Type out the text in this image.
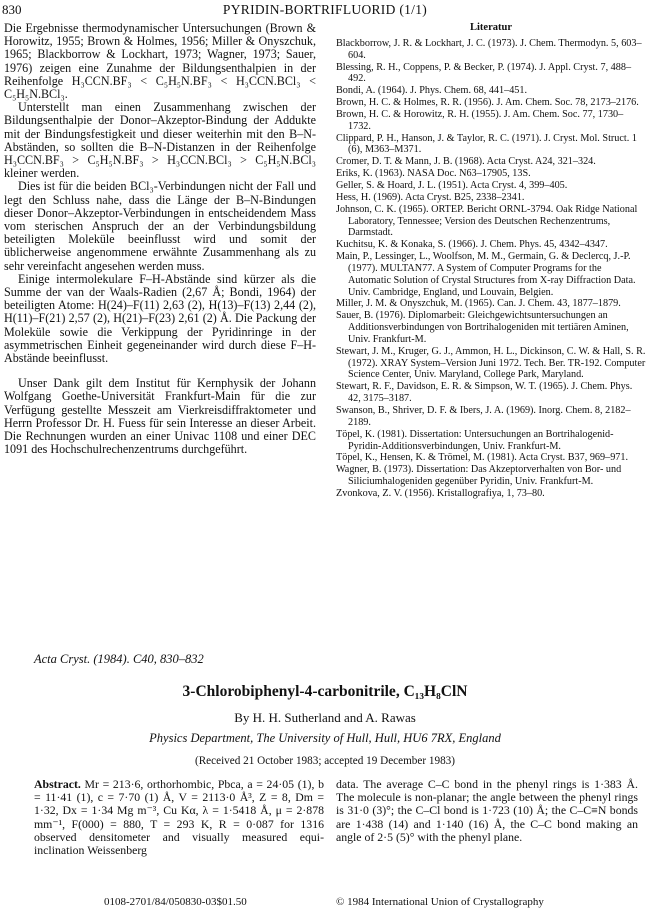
830	PYRIDIN-BORTRIFLUORID (1/1)

Die Ergebnisse thermodynamischer Untersuchungen (Brown & Horowitz, 1955; Brown & Holmes, 1956; Miller & Onyszchuk, 1965; Blackborrow & Lockhart, 1973; Wagner, 1973; Sauer, 1976) zeigen eine Zunahme der Bildungsenthalpien in der Reihenfolge H₃CCN.BF₃ < C₅H₅N.BF₃ < H₃CCN.BCl₃ < C₅H₅N.BCl₃.

Unterstellt man einen Zusammenhang zwischen der Bildungsenthalpie der Donor–Akzeptor-Bindung der Addukte mit der Bindungsfestigkeit und dieser weiterhin mit den B–N-Abständen, so sollten die B–N-Distanzen in der Reihenfolge H₃CCN.BF₃ > C₅H₅N.BF₃ > H₃CCN.BCl₃ > C₅H₅N.BCl₃ kleiner werden.

Dies ist für die beiden BCl₃-Verbindungen nicht der Fall und legt den Schluss nahe, dass die Länge der B–N-Bindungen dieser Donor–Akzeptor-Verbindungen in entscheidendem Mass vom sterischen Anspruch der an der Verbindungsbildung beteiligten Moleküle beeinflusst wird und somit der üblicherweise angenommene erwähnte Zusammenhang als zu sehr vereinfacht angesehen werden muss.

Einige intermolekulare F–H-Abstände sind kürzer als die Summe der van der Waals-Radien (2,67 Å; Bondi, 1964) der beteiligten Atome: H(24)–F(11) 2,63 (2), H(13)–F(13) 2,44 (2), H(11)–F(21) 2,57 (2), H(21)–F(23) 2,61 (2) Å. Die Packung der Moleküle sowie die Verkippung der Pyridinringe in der asymmetrischen Einheit gegeneinander wird durch diese F–H-Abstände beeinflusst.

Unser Dank gilt dem Institut für Kernphysik der Johann Wolfgang Goethe-Universität Frankfurt-Main für die zur Verfügung gestellte Messzeit am Vierkreisdiffraktometer und Herrn Professor Dr. H. Fuess für sein Interesse an dieser Arbeit. Die Rechnungen wurden an einer Univac 1108 und einer DEC 1091 des Hochschulrechenzentrums durchgeführt.

Literatur

Blackborrow, J. R. & Lockhart, J. C. (1973). J. Chem. Thermodyn. 5, 603–604.

Blessing, R. H., Coppens, P. & Becker, P. (1974). J. Appl. Cryst. 7, 488–492.

Bondi, A. (1964). J. Phys. Chem. 68, 441–451.

Brown, H. C. & Holmes, R. R. (1956). J. Am. Chem. Soc. 78, 2173–2176.

Brown, H. C. & Horowitz, R. H. (1955). J. Am. Chem. Soc. 77, 1730–1732.

Clippard, P. H., Hanson, J. & Taylor, R. C. (1971). J. Cryst. Mol. Struct. 1 (6), M363–M371.

Cromer, D. T. & Mann, J. B. (1968). Acta Cryst. A24, 321–324.

Eriks, K. (1963). NASA Doc. N63–17905, 13S.

Geller, S. & Hoard, J. L. (1951). Acta Cryst. 4, 399–405.

Hess, H. (1969). Acta Cryst. B25, 2338–2341.

Johnson, C. K. (1965). ORTEP. Bericht ORNL-3794. Oak Ridge National Laboratory, Tennessee; Version des Deutschen Rechenzentrums, Darmstadt.

Kuchitsu, K. & Konaka, S. (1966). J. Chem. Phys. 45, 4342–4347.

Main, P., Lessinger, L., Woolfson, M. M., Germain, G. & Declercq, J.-P. (1977). MULTAN77. A System of Computer Programs for the Automatic Solution of Crystal Structures from X-ray Diffraction Data. Univ. Cambridge, England, und Louvain, Belgien.

Miller, J. M. & Onyszchuk, M. (1965). Can. J. Chem. 43, 1877–1879.

Sauer, B. (1976). Diplomarbeit: Gleichgewichtsuntersuchungen an Additionsverbindungen von Bortrihalogeniden mit tertiären Aminen, Univ. Frankfurt-M.

Stewart, J. M., Kruger, G. J., Ammon, H. L., Dickinson, C. W. & Hall, S. R. (1972). XRAY System–Version Juni 1972. Tech. Ber. TR-192. Computer Science Center, Univ. Maryland, College Park, Maryland.

Stewart, R. F., Davidson, E. R. & Simpson, W. T. (1965). J. Chem. Phys. 42, 3175–3187.

Swanson, B., Shriver, D. F. & Ibers, J. A. (1969). Inorg. Chem. 8, 2182–2189.

Töpel, K. (1981). Dissertation: Untersuchungen an Bortrihalogenid-Pyridin-Additionsverbindungen, Univ. Frankfurt-M.

Töpel, K., Hensen, K. & Trömel, M. (1981). Acta Cryst. B37, 969–971.

Wagner, B. (1973). Dissertation: Das Akzeptorverhalten von Bor- und Siliciumhalogeniden gegenüber Pyridin, Univ. Frankfurt-M.

Zvonkova, Z. V. (1956). Kristallografiya, 1, 73–80.

Acta Cryst. (1984). C40, 830–832
3-Chlorobiphenyl-4-carbonitrile, C₁₃H₈ClN
By H. H. Sutherland and A. Rawas
Physics Department, The University of Hull, Hull, HU6 7RX, England
(Received 21 October 1983; accepted 19 December 1983)
Abstract. Mr = 213·6, orthorhombic, Pbca, a = 24·05 (1), b = 11·41 (1), c = 7·70 (1) Å, V = 2113·0 Å³, Z = 8, Dm = 1·32, Dx = 1·34 Mg m⁻³, Cu Kα, λ = 1·5418 Å, μ = 2·878 mm⁻¹, F(000) = 880, T = 293 K, R = 0·087 for 1316 observed densitometer and visually measured equi-inclination Weissenberg
data. The average C–C bond in the phenyl rings is 1·383 Å. The molecule is non-planar; the angle between the phenyl rings is 31·0 (3)°; the C–Cl bond is 1·723 (10) Å; the C–C≡N bonds are 1·438 (14) and 1·140 (16) Å, the C–C bond making an angle of 2·5 (5)° with the phenyl plane.
0108-2701/84/050830-03$01.50	© 1984 International Union of Crystallography
